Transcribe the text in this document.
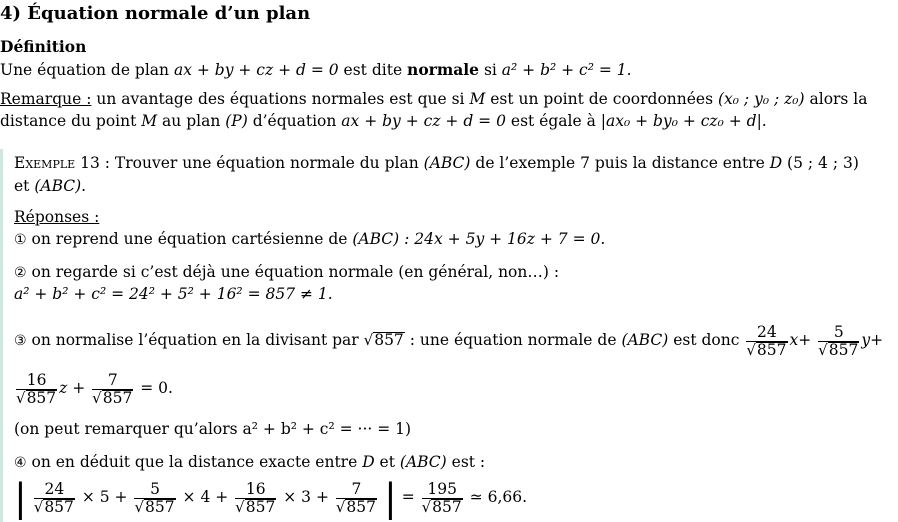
4) Équation normale d’un plan
Définition
Une équation de plan ax + by + cz + d = 0 est dite normale si a² + b² + c² = 1.
Remarque : un avantage des équations normales est que si M est un point de coordonnées (x₀ ; y₀ ; z₀) alors la
distance du point M au plan (P) d’équation ax + by + cz + d = 0 est égale à |ax₀ + by₀ + cz₀ + d|.
Exemple 13 : Trouver une équation normale du plan (ABC) de l’exemple 7 puis la distance entre D (5 ; 4 ; 3)
et (ABC).
Réponses :
① on reprend une équation cartésienne de (ABC) : 24x + 5y + 16z + 7 = 0.
② on regarde si c’est déjà une équation normale (en général, non…) :
a² + b² + c² = 24² + 5² + 16² = 857 ≠ 1.
③ on normalise l’équation en la divisant par √857 : une équation normale de (ABC) est donc $\frac{24}{√857} x+ \frac{5}{√857} y+$
$\frac{16}{√857}$ $z + \frac{7}{√857} = 0$.
(on peut remarquer qu’alors a² + b² + c² = ··· = 1)
④ on en déduit que la distance exacte entre D et (ABC) est :
| $\frac{24}{√857} \times 5 + \frac{5}{√857} \times 4 + \frac{16}{√857} \times 3 + \frac{7}{√857}$ | = $\frac{195}{√857}$ ≃ 6,66.
